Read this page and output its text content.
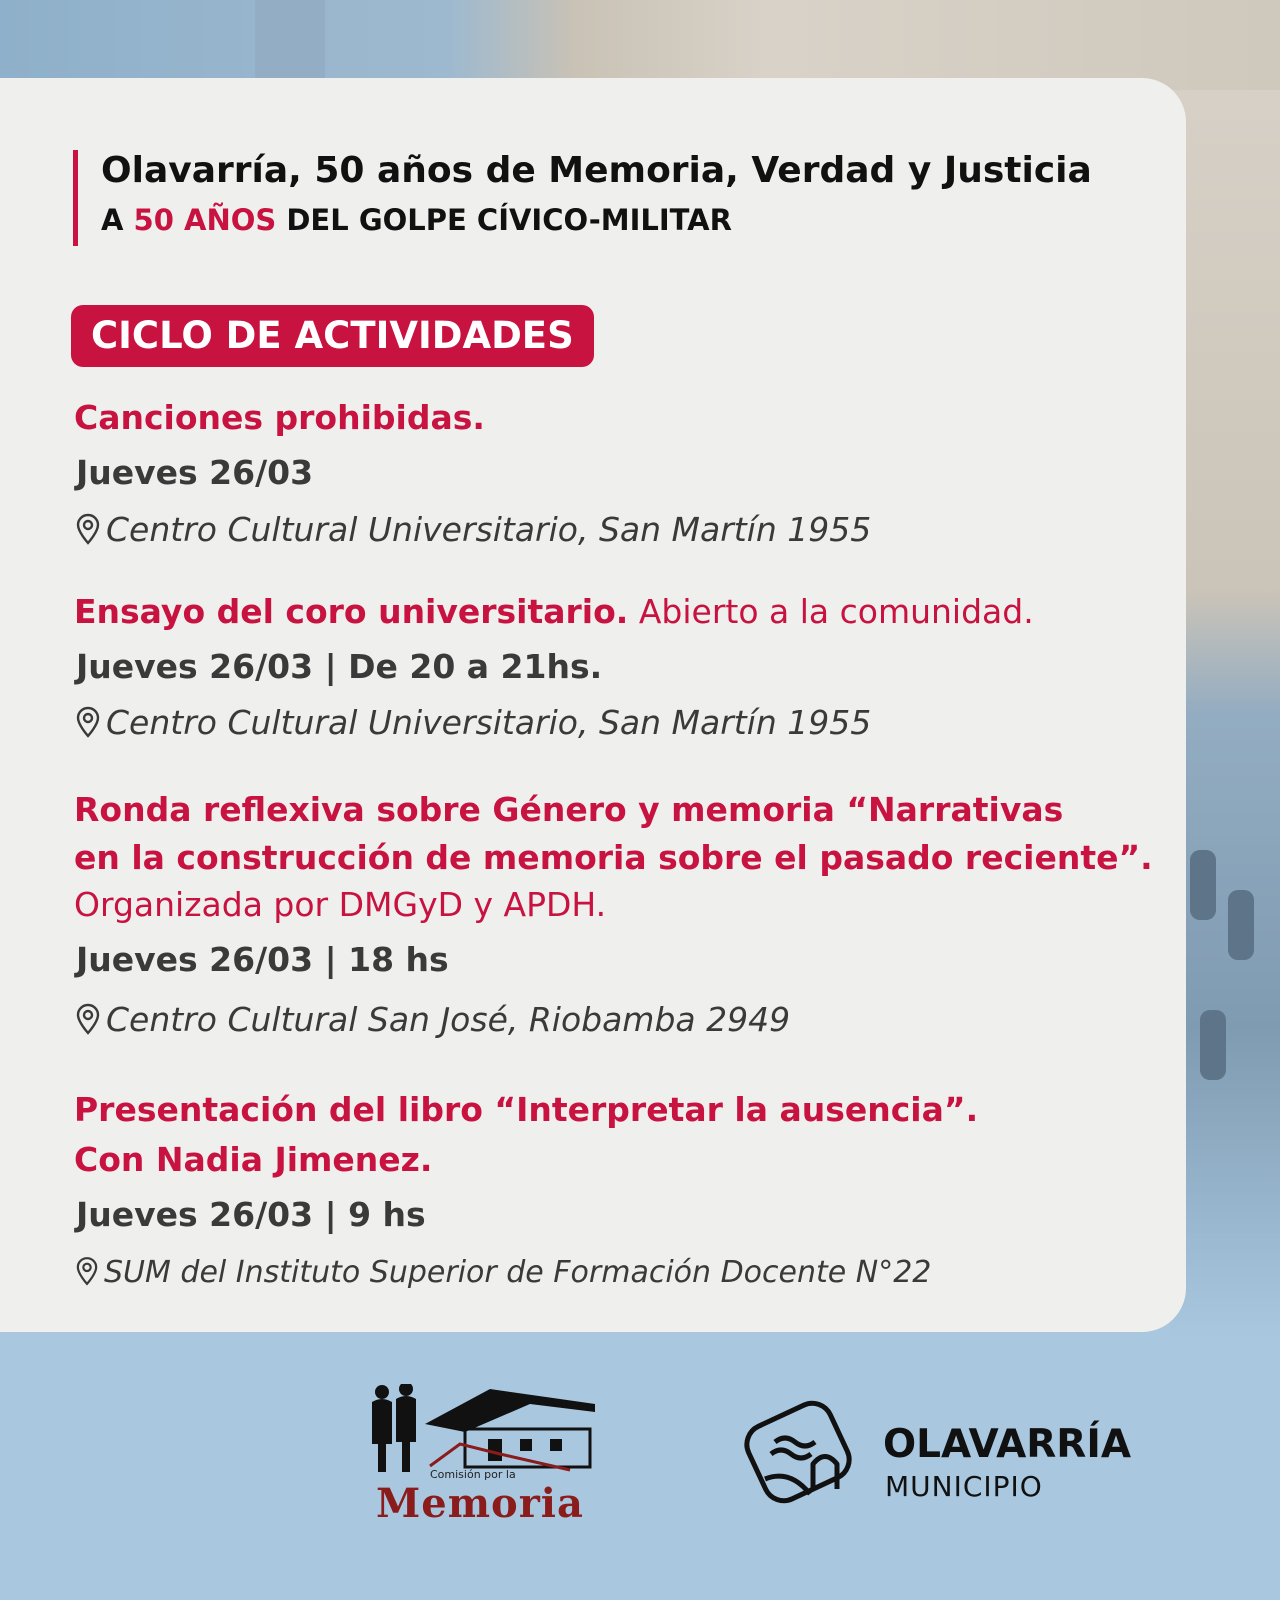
Olavarría, 50 años de Memoria, Verdad y Justicia
A 50 AÑOS DEL GOLPE CÍVICO-MILITAR
CICLO DE ACTIVIDADES
Canciones prohibidas.
Jueves 26/03
Centro Cultural Universitario, San Martín 1955
Ensayo del coro universitario. Abierto a la comunidad.
Jueves 26/03 | De 20 a 21hs.
Centro Cultural Universitario, San Martín 1955
Ronda reflexiva sobre Género y memoria “Narrativas
en la construcción de memoria sobre el pasado reciente”.
Organizada por DMGyD y APDH.
Jueves 26/03 | 18 hs
Centro Cultural San José, Riobamba 2949
Presentación del libro “Interpretar la ausencia”.
Con Nadia Jimenez.
Jueves 26/03 | 9 hs
SUM del Instituto Superior de Formación Docente N°22
Comisión por la
Memoria
OLAVARRÍA
MUNICIPIO
